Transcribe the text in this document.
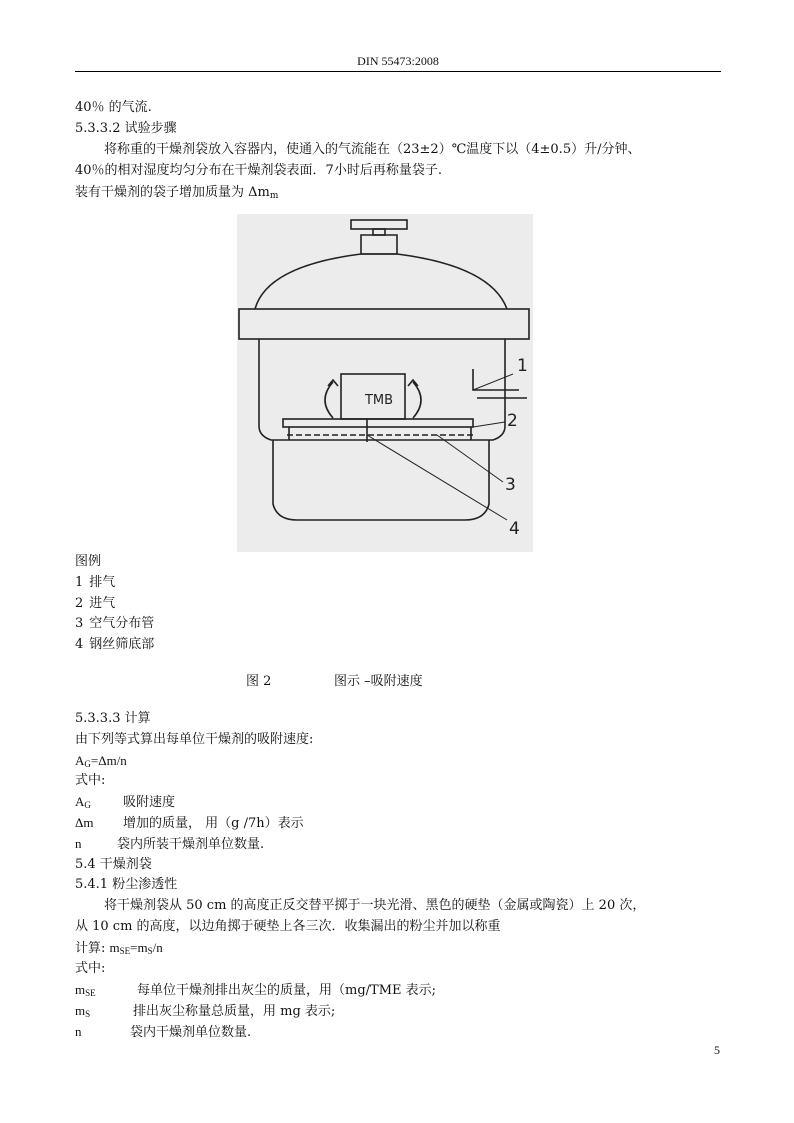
DIN 55473:2008
40％ 的气流.
5.3.3.2 试验步骤
将称重的干燥剂袋放入容器内，使通入的气流能在（23±2）℃温度下以（4±0.5）升/分钟、
40％的相对湿度均匀分布在干燥剂袋表面．7小时后再称量袋子.
装有干燥剂的袋子增加质量为 $\Delta m_m$
TMB
1
2
3
4
图例
1 排气
2 进气
3 空气分布管
4 钢丝筛底部
图 2	图示 –吸附速度
5.3.3.3 计算
由下列等式算出每单位干燥剂的吸附速度:
$A_G=\Delta m/n$
式中:
$A_G$ 吸附速度
Δm 增加的质量， 用（g /7h）表示
n	袋内所装干燥剂单位数量.
5.4 干燥剂袋
5.4.1 粉尘渗透性
将干燥剂袋从 50 cm 的高度正反交替平掷于一块光滑、黑色的硬垫（金属或陶瓷）上 20 次，
从 10 cm 的高度，以边角掷于硬垫上各三次．收集漏出的粉尘并加以称重
计算: $m_{SE}=m_S/n$
式中:
$m_{SE}$	每单位干燥剂排出灰尘的质量，用（mg/TME 表示;
$m_S$	排出灰尘称量总质量，用 mg 表示;
n	袋内干燥剂单位数量.
5
